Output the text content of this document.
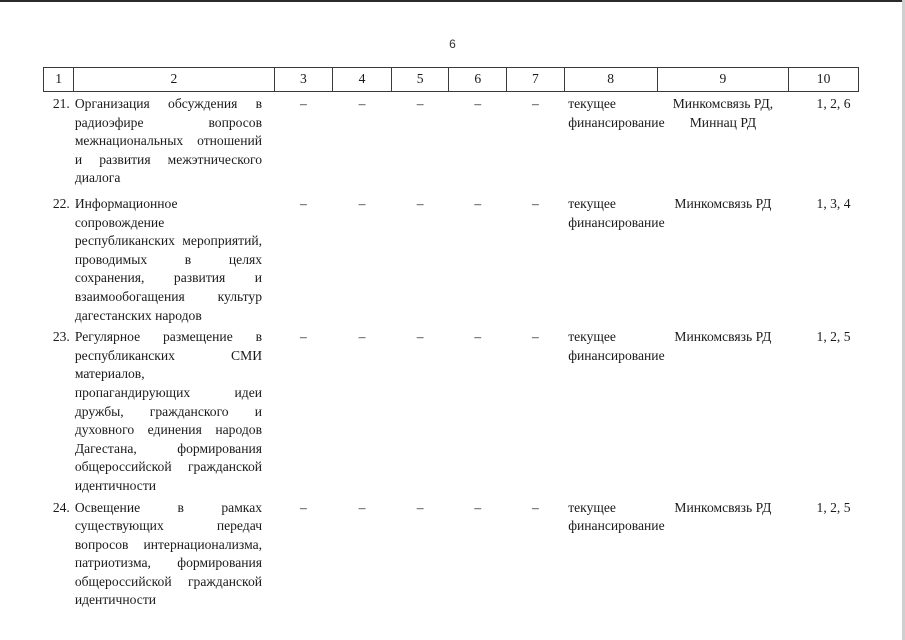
6
1	2	3	4	5	6	7	8	9	10
21.	Организация обсуждения в радиоэфире вопросов межнациональных отношений и развития межэтнического диалога	–	–	–	–	–	текущее финансирование	Минкомсвязь РД, Миннац РД	1, 2, 6
22.	Информационное сопровождение республиканских мероприятий, проводимых в целях сохранения, развития и взаимообогащения культур дагестанских народов	–	–	–	–	–	текущее финансирование	Минкомсвязь РД	1, 3, 4
23.	Регулярное размещение в республиканских СМИ материалов, пропагандирующих идеи дружбы, гражданского и духовного единения народов Дагестана, формирования общероссийской гражданской идентичности	–	–	–	–	–	текущее финансирование	Минкомсвязь РД	1, 2, 5
24.	Освещение в рамках существующих передач вопросов интернационализма, патриотизма, формирования общероссийской гражданской идентичности	–	–	–	–	–	текущее финансирование	Минкомсвязь РД	1, 2, 5
